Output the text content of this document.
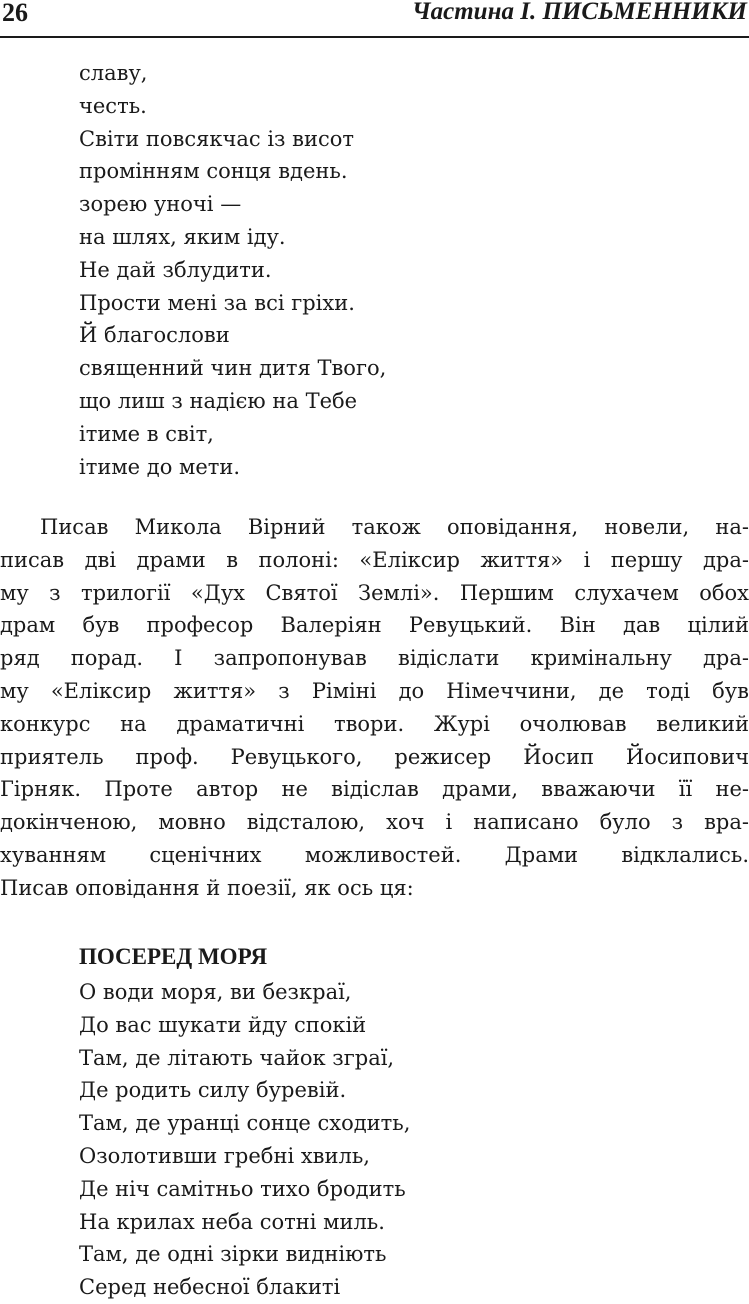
26	Частина I. ПИСЬМЕННИКИ
славу,
честь.
Світи повсякчас із висот
промінням сонця вдень.
зорею уночі —
на шлях, яким іду.
Не дай зблудити.
Прости мені за всі гріхи.
Й благослови
священний чин дитя Твого,
що лиш з надією на Тебе
ітиме в світ,
ітиме до мети.
Писав Микола Вірний також оповідання, новели, на-
писав дві драми в полоні: «Еліксир життя» і першу дра-
му з трилогії «Дух Святої Землі». Першим слухачем обох
драм був професор Валеріян Ревуцький. Він дав цілий
ряд порад. І запропонував відіслати кримінальну дра-
му «Еліксир життя» з Ріміні до Німеччини, де тоді був
конкурс на драматичні твори. Журі очолював великий
приятель проф. Ревуцького, режисер Йосип Йосипович
Гірняк. Проте автор не відіслав драми, вважаючи її не-
докінченою, мовно відсталою, хоч і написано було з вра-
хуванням сценічних можливостей. Драми відклались.
Писав оповідання й поезії, як ось ця:
ПОСЕРЕД МОРЯ
О води моря, ви безкраї,
До вас шукати йду спокій
Там, де літають чайок зграї,
Де родить силу буревій.
Там, де уранці сонце сходить,
Озолотивши гребні хвиль,
Де ніч самітньо тихо бродить
На крилах неба сотні миль.
Там, де одні зірки видніють
Серед небесної блакиті
